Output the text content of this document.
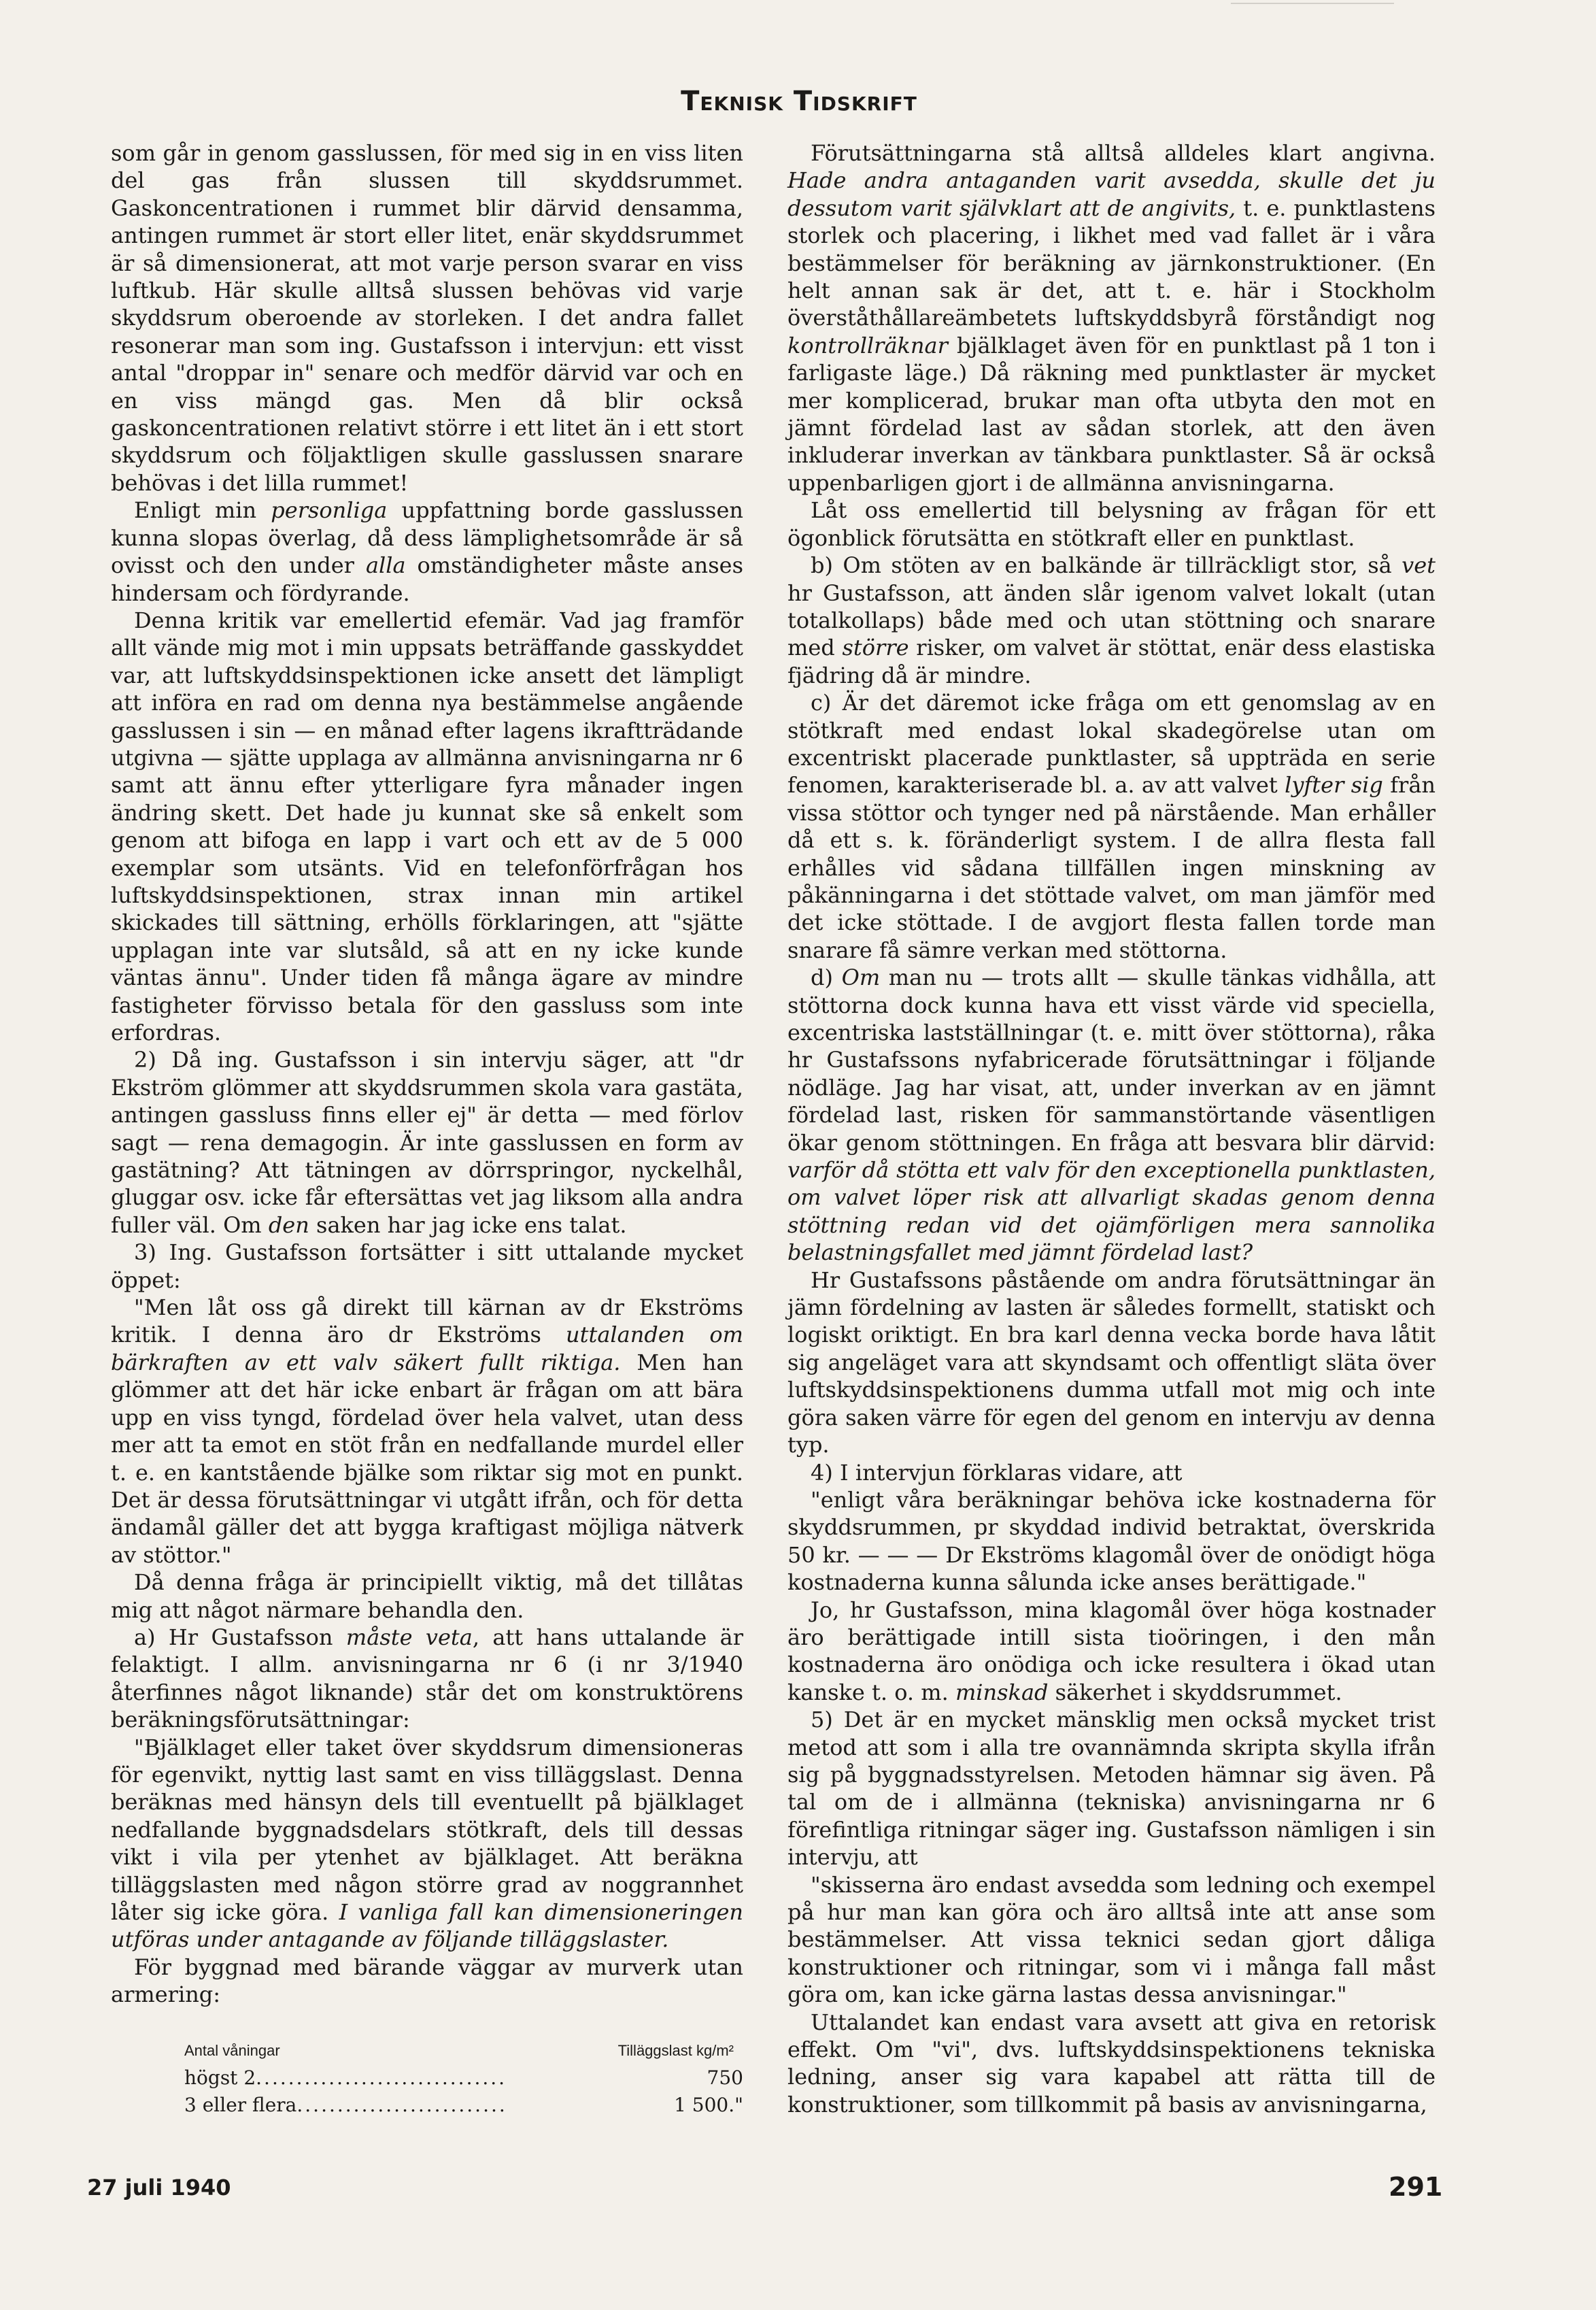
Teknisk Tidskrift

som går in genom gasslussen, för med sig in en viss liten del gas från slussen till skyddsrummet. Gaskoncentrationen i rummet blir därvid densamma, antingen rummet är stort eller litet, enär skyddsrummet är så dimensionerat, att mot varje person svarar en viss luftkub. Här skulle alltså slussen behövas vid varje skyddsrum oberoende av storleken. I det andra fallet resonerar man som ing. Gustafsson i intervjun: ett visst antal "droppar in" senare och medför därvid var och en en viss mängd gas. Men då blir också gaskoncentrationen relativt större i ett litet än i ett stort skyddsrum och följaktligen skulle gasslussen snarare behövas i det lilla rummet!

Enligt min personliga uppfattning borde gasslussen kunna slopas överlag, då dess lämplighetsområde är så ovisst och den under alla omständigheter måste anses hindersam och fördyrande.

Denna kritik var emellertid efemär. Vad jag framför allt vände mig mot i min uppsats beträffande gasskyddet var, att luftskyddsinspektionen icke ansett det lämpligt att införa en rad om denna nya bestämmelse angående gasslussen i sin — en månad efter lagens ikraftträdande utgivna — sjätte upplaga av allmänna anvisningarna nr 6 samt att ännu efter ytterligare fyra månader ingen ändring skett. Det hade ju kunnat ske så enkelt som genom att bifoga en lapp i vart och ett av de 5 000 exemplar som utsänts. Vid en telefonförfrågan hos luftskyddsinspektionen, strax innan min artikel skickades till sättning, erhölls förklaringen, att "sjätte upplagan inte var slutsåld, så att en ny icke kunde väntas ännu". Under tiden få många ägare av mindre fastigheter förvisso betala för den gassluss som inte erfordras.

2) Då ing. Gustafsson i sin intervju säger, att "dr Ekström glömmer att skyddsrummen skola vara gastäta, antingen gassluss finns eller ej" är detta — med förlov sagt — rena demagogin. Är inte gasslussen en form av gastätning? Att tätningen av dörrspringor, nyckelhål, gluggar osv. icke får eftersättas vet jag liksom alla andra fuller väl. Om den saken har jag icke ens talat.

3) Ing. Gustafsson fortsätter i sitt uttalande mycket öppet:

"Men låt oss gå direkt till kärnan av dr Ekströms kritik. I denna äro dr Ekströms uttalanden om bärkraften av ett valv säkert fullt riktiga. Men han glömmer att det här icke enbart är frågan om att bära upp en viss tyngd, fördelad över hela valvet, utan dess mer att ta emot en stöt från en nedfallande murdel eller t. e. en kantstående bjälke som riktar sig mot en punkt. Det är dessa förutsättningar vi utgått ifrån, och för detta ändamål gäller det att bygga kraftigast möjliga nätverk av stöttor."

Då denna fråga är principiellt viktig, må det tillåtas mig att något närmare behandla den.

a) Hr Gustafsson måste veta, att hans uttalande är felaktigt. I allm. anvisningarna nr 6 (i nr 3/1940 återfinnes något liknande) står det om konstruktörens beräkningsförutsättningar:

"Bjälklaget eller taket över skyddsrum dimensioneras för egenvikt, nyttig last samt en viss tilläggslast. Denna beräknas med hänsyn dels till eventuellt på bjälklaget nedfallande byggnadsdelars stötkraft, dels till dessas vikt i vila per ytenhet av bjälklaget. Att beräkna tilläggslasten med någon större grad av noggrannhet låter sig icke göra. I vanliga fall kan dimensioneringen utföras under antagande av följande tilläggslaster.

För byggnad med bärande väggar av murverk utan armering:

Antal våningar	Tilläggslast kg/m²
högst 2 ...............................	750
3 eller flera ..........................	1 500."

Förutsättningarna stå alltså alldeles klart angivna. Hade andra antaganden varit avsedda, skulle det ju dessutom varit självklart att de angivits, t. e. punktlastens storlek och placering, i likhet med vad fallet är i våra bestämmelser för beräkning av järnkonstruktioner. (En helt annan sak är det, att t. e. här i Stockholm överståthållareämbetets luftskyddsbyrå förståndigt nog kontrollräknar bjälklaget även för en punktlast på 1 ton i farligaste läge.) Då räkning med punktlaster är mycket mer komplicerad, brukar man ofta utbyta den mot en jämnt fördelad last av sådan storlek, att den även inkluderar inverkan av tänkbara punktlaster. Så är också uppenbarligen gjort i de allmänna anvisningarna.

Låt oss emellertid till belysning av frågan för ett ögonblick förutsätta en stötkraft eller en punktlast.

b) Om stöten av en balkände är tillräckligt stor, så vet hr Gustafsson, att änden slår igenom valvet lokalt (utan totalkollaps) både med och utan stöttning och snarare med större risker, om valvet är stöttat, enär dess elastiska fjädring då är mindre.

c) Är det däremot icke fråga om ett genomslag av en stötkraft med endast lokal skadegörelse utan om excentriskt placerade punktlaster, så uppträda en serie fenomen, karakteriserade bl. a. av att valvet lyfter sig från vissa stöttor och tynger ned på närstående. Man erhåller då ett s. k. föränderligt system. I de allra flesta fall erhålles vid sådana tillfällen ingen minskning av påkänningarna i det stöttade valvet, om man jämför med det icke stöttade. I de avgjort flesta fallen torde man snarare få sämre verkan med stöttorna.

d) Om man nu — trots allt — skulle tänkas vidhålla, att stöttorna dock kunna hava ett visst värde vid speciella, excentriska lastställningar (t. e. mitt över stöttorna), råka hr Gustafssons nyfabricerade förutsättningar i följande nödläge. Jag har visat, att, under inverkan av en jämnt fördelad last, risken för sammanstörtande väsentligen ökar genom stöttningen. En fråga att besvara blir därvid: varför då stötta ett valv för den exceptionella punktlasten, om valvet löper risk att allvarligt skadas genom denna stöttning redan vid det ojämförligen mera sannolika belastningsfallet med jämnt fördelad last?

Hr Gustafssons påstående om andra förutsättningar än jämn fördelning av lasten är således formellt, statiskt och logiskt oriktigt. En bra karl denna vecka borde hava låtit sig angeläget vara att skyndsamt och offentligt släta över luftskyddsinspektionens dumma utfall mot mig och inte göra saken värre för egen del genom en intervju av denna typ.

4) I intervjun förklaras vidare, att

"enligt våra beräkningar behöva icke kostnaderna för skyddsrummen, pr skyddad individ betraktat, överskrida 50 kr. — — — Dr Ekströms klagomål över de onödigt höga kostnaderna kunna sålunda icke anses berättigade."

Jo, hr Gustafsson, mina klagomål över höga kostnader äro berättigade intill sista tioöringen, i den mån kostnaderna äro onödiga och icke resultera i ökad utan kanske t. o. m. minskad säkerhet i skyddsrummet.

5) Det är en mycket mänsklig men också mycket trist metod att som i alla tre ovannämnda skripta skylla ifrån sig på byggnadsstyrelsen. Metoden hämnar sig även. På tal om de i allmänna (tekniska) anvisningarna nr 6 förefintliga ritningar säger ing. Gustafsson nämligen i sin intervju, att

"skisserna äro endast avsedda som ledning och exempel på hur man kan göra och äro alltså inte att anse som bestämmelser. Att vissa teknici sedan gjort dåliga konstruktioner och ritningar, som vi i många fall måst göra om, kan icke gärna lastas dessa anvisningar."

Uttalandet kan endast vara avsett att giva en retorisk effekt. Om "vi", dvs. luftskyddsinspektionens tekniska ledning, anser sig vara kapabel att rätta till de konstruktioner, som tillkommit på basis av anvisningarna,

27 juli 1940	291
